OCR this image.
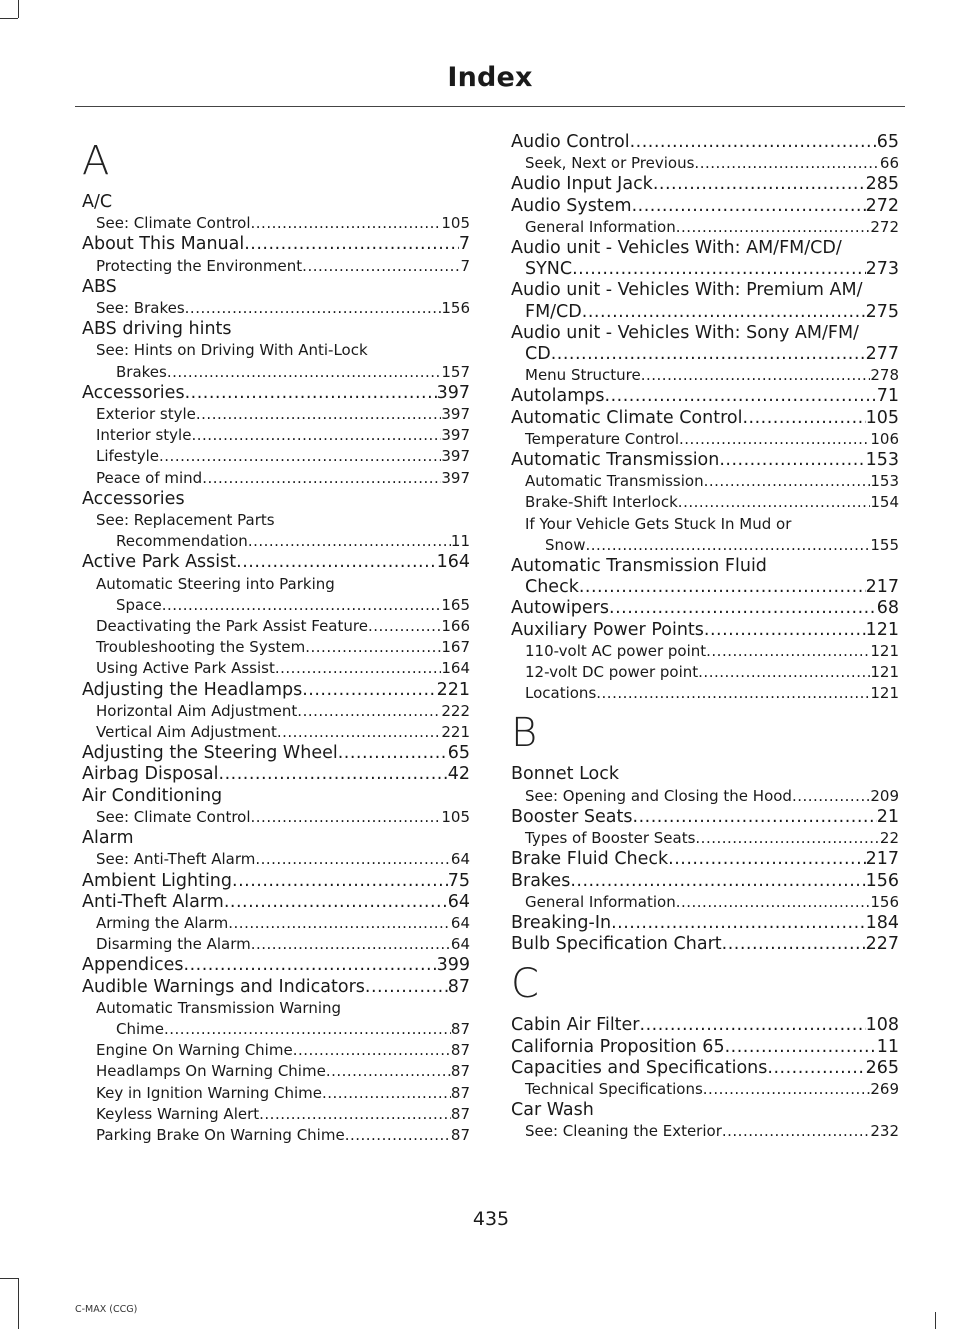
Index
A
A/C
See: Climate Control .....	105
About This Manual .....	7
Protecting the Environment .....	7
ABS
See: Brakes .....	156
ABS driving hints
See: Hints on Driving With Anti-Lock
Brakes .....	157
Accessories .....	397
Exterior style .....	397
Interior style .....	397
Lifestyle .....	397
Peace of mind .....	397
Accessories
See: Replacement Parts
Recommendation .....	11
Active Park Assist .....	164
Automatic Steering into Parking
Space .....	165
Deactivating the Park Assist Feature .....	166
Troubleshooting the System .....	167
Using Active Park Assist .....	164
Adjusting the Headlamps .....	221
Horizontal Aim Adjustment .....	222
Vertical Aim Adjustment .....	221
Adjusting the Steering Wheel .....	65
Airbag Disposal .....	42
Air Conditioning
See: Climate Control .....	105
Alarm
See: Anti-Theft Alarm .....	64
Ambient Lighting .....	75
Anti-Theft Alarm .....	64
Arming the Alarm .....	64
Disarming the Alarm .....	64
Appendices .....	399
Audible Warnings and Indicators .....	87
Automatic Transmission Warning
Chime .....	87
Engine On Warning Chime .....	87
Headlamps On Warning Chime .....	87
Key in Ignition Warning Chime .....	87
Keyless Warning Alert .....	87
Parking Brake On Warning Chime .....	87
Audio Control .....	65
Seek, Next or Previous .....	66
Audio Input Jack .....	285
Audio System .....	272
General Information .....	272
Audio unit - Vehicles With: AM/FM/CD/
SYNC .....	273
Audio unit - Vehicles With: Premium AM/
FM/CD .....	275
Audio unit - Vehicles With: Sony AM/FM/
CD .....	277
Menu Structure .....	278
Autolamps .....	71
Automatic Climate Control .....	105
Temperature Control .....	106
Automatic Transmission .....	153
Automatic Transmission .....	153
Brake-Shift Interlock .....	154
If Your Vehicle Gets Stuck In Mud or
Snow .....	155
Automatic Transmission Fluid
Check .....	217
Autowipers .....	68
Auxiliary Power Points .....	121
110-volt AC power point .....	121
12-volt DC power point .....	121
Locations .....	121
B
Bonnet Lock
See: Opening and Closing the Hood .....	209
Booster Seats .....	21
Types of Booster Seats .....	22
Brake Fluid Check .....	217
Brakes .....	156
General Information .....	156
Breaking-In .....	184
Bulb Specification Chart .....	227
C
Cabin Air Filter .....	108
California Proposition 65 .....	11
Capacities and Specifications .....	265
Technical Specifications .....	269
Car Wash
See: Cleaning the Exterior .....	232
435
C-MAX (CCG)
